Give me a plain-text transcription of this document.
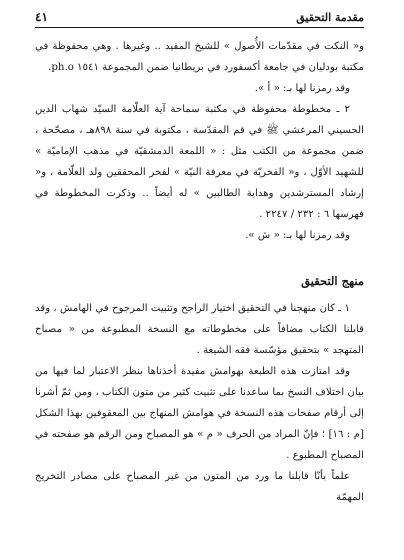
مقدمة التحقيق
٤١

و« النكت في مقدّمات الأُصول » للشيخ المفيد .. وغيرها . وهي محفوظة في مكتبة بودليان في جامعة أكسفورد في بريطانيا ضمن المجموعة ١٥٤١ ph.o.

وقد رمزنا لها بـ: « أ ».

٢ ـ مخطوطة محفوظة في مكتبة سماحة آية العلّامة السيّد شهاب الدين الحسيني المرعشي ﷺ في قم المقدّسة ، مكتوبة في سنة ٨٩٨هـ ، مصحّحة ، ضمن مجموعة من الكتب مثل : « اللمعة الدمشقيّة في مذهب الإماميّة » للشهيد الأوّل ، و« الفخريّة في معرفة النيّة » لفخر المحققين ولد العلّامة ، و« إرشاد المسترشدين وهداية الطالبين » له أيضاً .. وذكرت المخطوطة في فهرسها ٦ : ٢٣٢ / ٢٢٤٧ .

وقد رمزنا لها بـ: « ش ».

منهج التحقيق

١ ـ كان منهجنا في التحقيق اختيار الراجح وتثبيت المرجوح في الهامش ، وقد قابلنا الكتاب مضافاً على مخطوطاته مع النسخة المطبوعة من « مصباح المتهجد » بتحقيق مؤسّسة فقه الشيعة .

وقد امتازت هذه الطبعة بهوامش مفيدة أخذناها بنظر الاعتبار لما فيها من بيان اختلاف النسخ بما ساعدنا على تثبيت كثير من متون الكتاب ، ومن ثمّ أشرنا إلى أرقام صفحات هذه النسخة في هوامش المنهاج بين المعقوفين بهذا الشكل [م : ١٦] ؛ فإنّ المراد من الحرف « م » هو المصباح ومن الرقم هو صفحته في المصباح المطبوع .

علماً بأنّا قابلنا ما ورد من المتون من غير المصباح على مصادر التخريج المهمّة
